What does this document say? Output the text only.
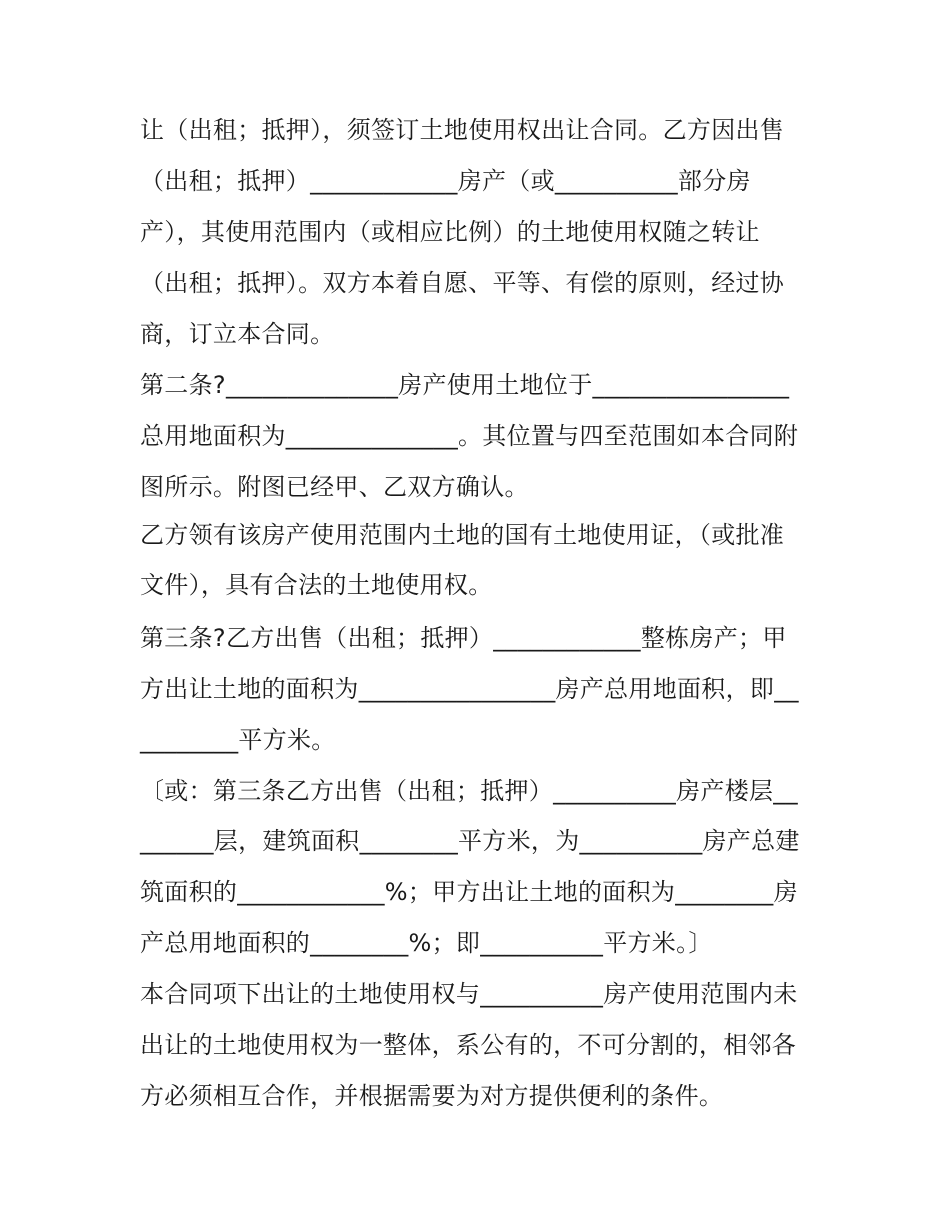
让（出租；抵押），须签订土地使用权出让合同。乙方因出售
（出租；抵押）____________房产（或__________部分房
产），其使用范围内（或相应比例）的土地使用权随之转让
（出租；抵押）。双方本着自愿、平等、有偿的原则，经过协
商，订立本合同。
第二条?______________房产使用土地位于________________
总用地面积为______________。其位置与四至范围如本合同附
图所示。附图已经甲、乙双方确认。
乙方领有该房产使用范围内土地的国有土地使用证，（或批准
文件），具有合法的土地使用权。
第三条?乙方出售（出租；抵押）____________整栋房产；甲
方出让土地的面积为________________房产总用地面积，即__
________平方米。
〔或：第三条乙方出售（出租；抵押）__________房产楼层__
______层，建筑面积________平方米，为__________房产总建
筑面积的____________%；甲方出让土地的面积为________房
产总用地面积的________%；即__________平方米。〕
本合同项下出让的土地使用权与__________房产使用范围内未
出让的土地使用权为一整体，系公有的，不可分割的，相邻各
方必须相互合作，并根据需要为对方提供便利的条件。
